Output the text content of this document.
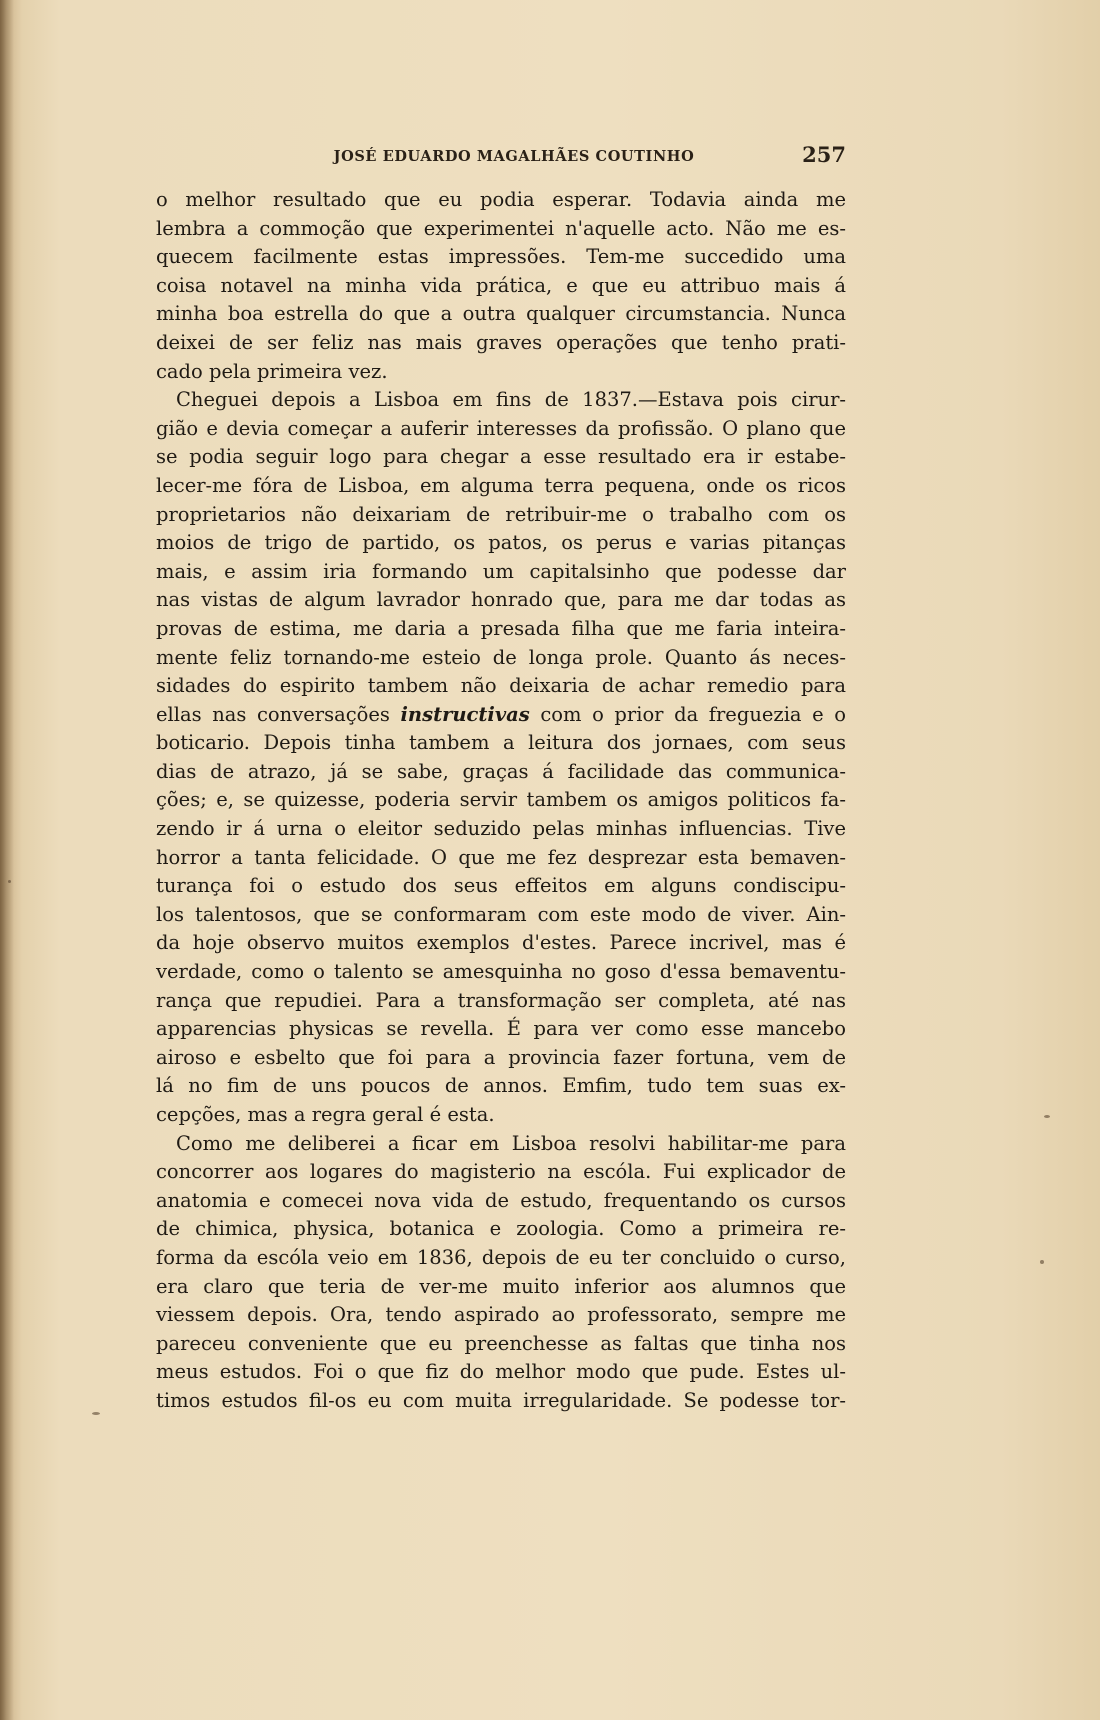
JOSÉ EDUARDO MAGALHÃES COUTINHO	257
o melhor resultado que eu podia esperar. Todavia ainda me
lembra a commoção que experimentei n'aquelle acto. Não me es-
quecem facilmente estas impressões. Tem-me succedido uma
coisa notavel na minha vida prática, e que eu attribuo mais á
minha boa estrella do que a outra qualquer circumstancia. Nunca
deixei de ser feliz nas mais graves operações que tenho prati-
cado pela primeira vez.
Cheguei depois a Lisboa em fins de 1837.—Estava pois cirur-
gião e devia começar a auferir interesses da profissão. O plano que
se podia seguir logo para chegar a esse resultado era ir estabe-
lecer-me fóra de Lisboa, em alguma terra pequena, onde os ricos
proprietarios não deixariam de retribuir-me o trabalho com os
moios de trigo de partido, os patos, os perus e varias pitanças
mais, e assim iria formando um capitalsinho que podesse dar
nas vistas de algum lavrador honrado que, para me dar todas as
provas de estima, me daria a presada filha que me faria inteira-
mente feliz tornando-me esteio de longa prole. Quanto ás neces-
sidades do espirito tambem não deixaria de achar remedio para
ellas nas conversações instructivas com o prior da freguezia e o
boticario. Depois tinha tambem a leitura dos jornaes, com seus
dias de atrazo, já se sabe, graças á facilidade das communica-
ções; e, se quizesse, poderia servir tambem os amigos politicos fa-
zendo ir á urna o eleitor seduzido pelas minhas influencias. Tive
horror a tanta felicidade. O que me fez desprezar esta bemaven-
turança foi o estudo dos seus effeitos em alguns condiscipu-
los talentosos, que se conformaram com este modo de viver. Ain-
da hoje observo muitos exemplos d'estes. Parece incrivel, mas é
verdade, como o talento se amesquinha no goso d'essa bemaventu-
rança que repudiei. Para a transformação ser completa, até nas
apparencias physicas se revella. É para ver como esse mancebo
airoso e esbelto que foi para a provincia fazer fortuna, vem de
lá no fim de uns poucos de annos. Emfim, tudo tem suas ex-
cepções, mas a regra geral é esta.
Como me deliberei a ficar em Lisboa resolvi habilitar-me para
concorrer aos logares do magisterio na escóla. Fui explicador de
anatomia e comecei nova vida de estudo, frequentando os cursos
de chimica, physica, botanica e zoologia. Como a primeira re-
forma da escóla veio em 1836, depois de eu ter concluido o curso,
era claro que teria de ver-me muito inferior aos alumnos que
viessem depois. Ora, tendo aspirado ao professorato, sempre me
pareceu conveniente que eu preenchesse as faltas que tinha nos
meus estudos. Foi o que fiz do melhor modo que pude. Estes ul-
timos estudos fil-os eu com muita irregularidade. Se podesse tor-
